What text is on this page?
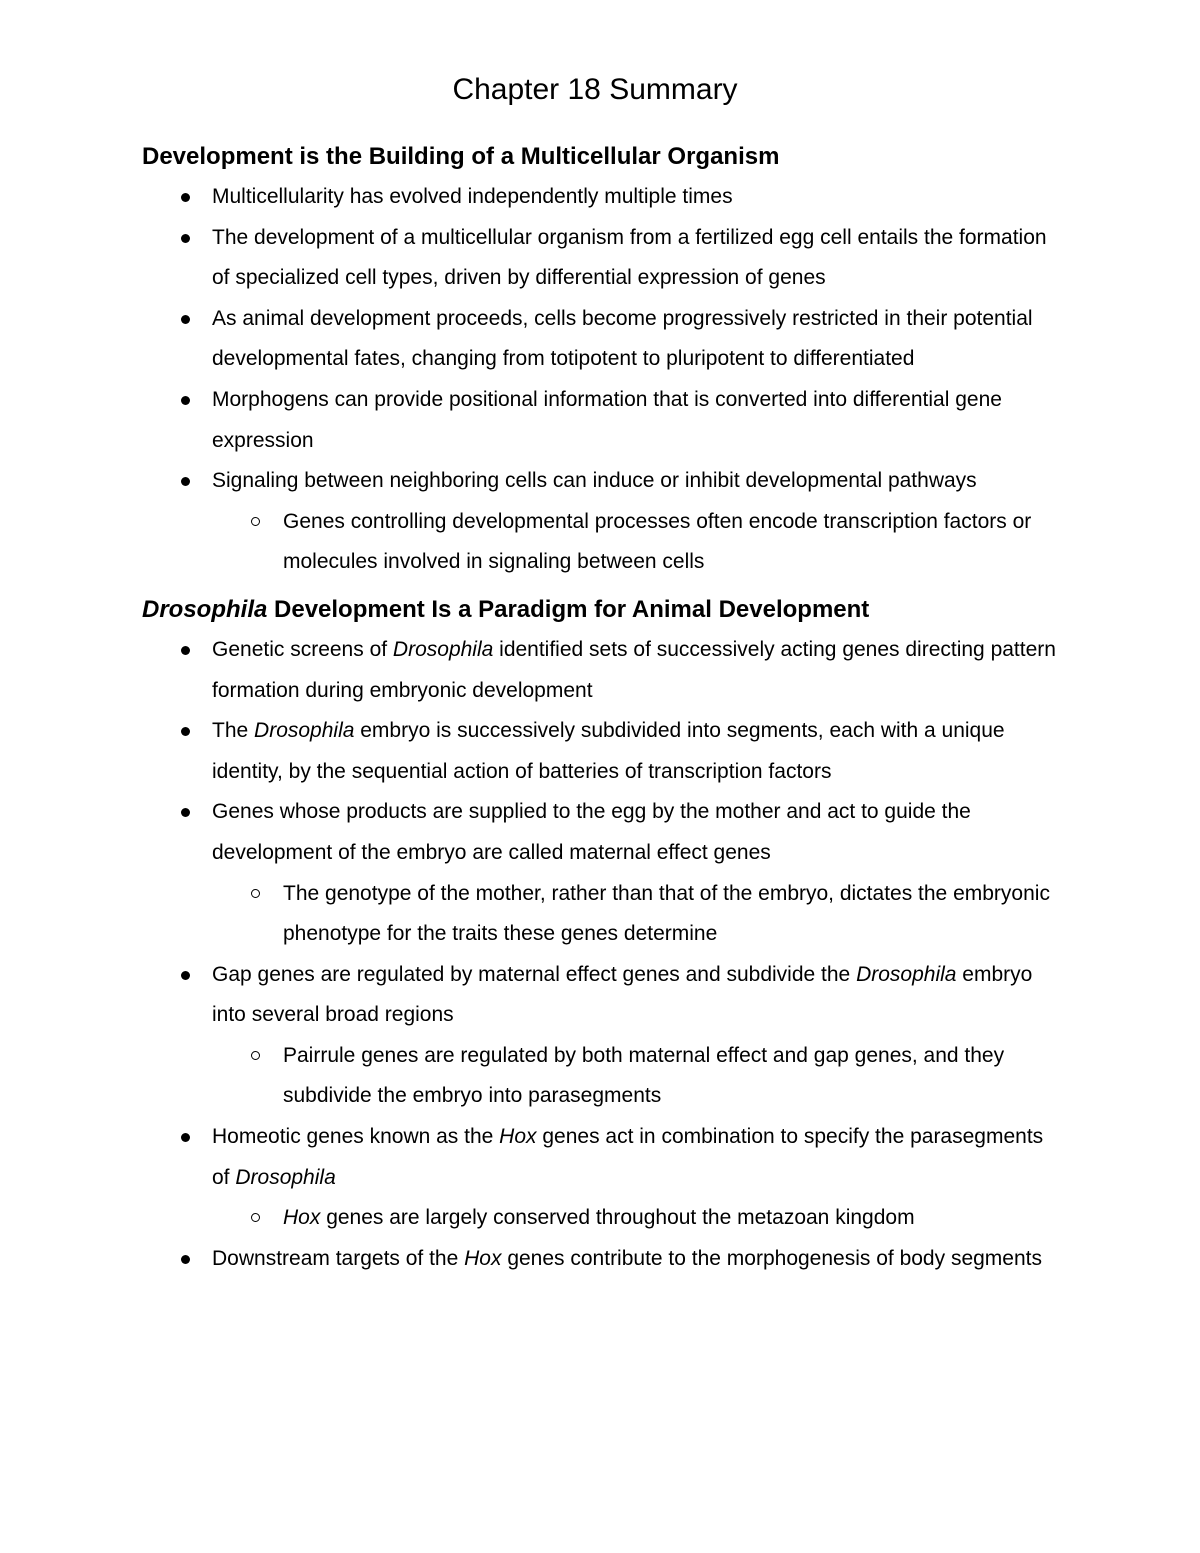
Chapter 18 Summary
Development is the Building of a Multicellular Organism
Multicellularity has evolved independently multiple times
The development of a multicellular organism from a fertilized egg cell entails the formation of specialized cell types, driven by differential expression of genes
As animal development proceeds, cells become progressively restricted in their potential developmental fates, changing from totipotent to pluripotent to differentiated
Morphogens can provide positional information that is converted into differential gene expression
Signaling between neighboring cells can induce or inhibit developmental pathways
Genes controlling developmental processes often encode transcription factors or molecules involved in signaling between cells
Drosophila Development Is a Paradigm for Animal Development
Genetic screens of Drosophila identified sets of successively acting genes directing pattern formation during embryonic development
The Drosophila embryo is successively subdivided into segments, each with a unique identity, by the sequential action of batteries of transcription factors
Genes whose products are supplied to the egg by the mother and act to guide the development of the embryo are called maternal effect genes
The genotype of the mother, rather than that of the embryo, dictates the embryonic phenotype for the traits these genes determine
Gap genes are regulated by maternal effect genes and subdivide the Drosophila embryo into several broad regions
Pairrule genes are regulated by both maternal effect and gap genes, and they subdivide the embryo into parasegments
Homeotic genes known as the Hox genes act in combination to specify the parasegments of Drosophila
Hox genes are largely conserved throughout the metazoan kingdom
Downstream targets of the Hox genes contribute to the morphogenesis of body segments
